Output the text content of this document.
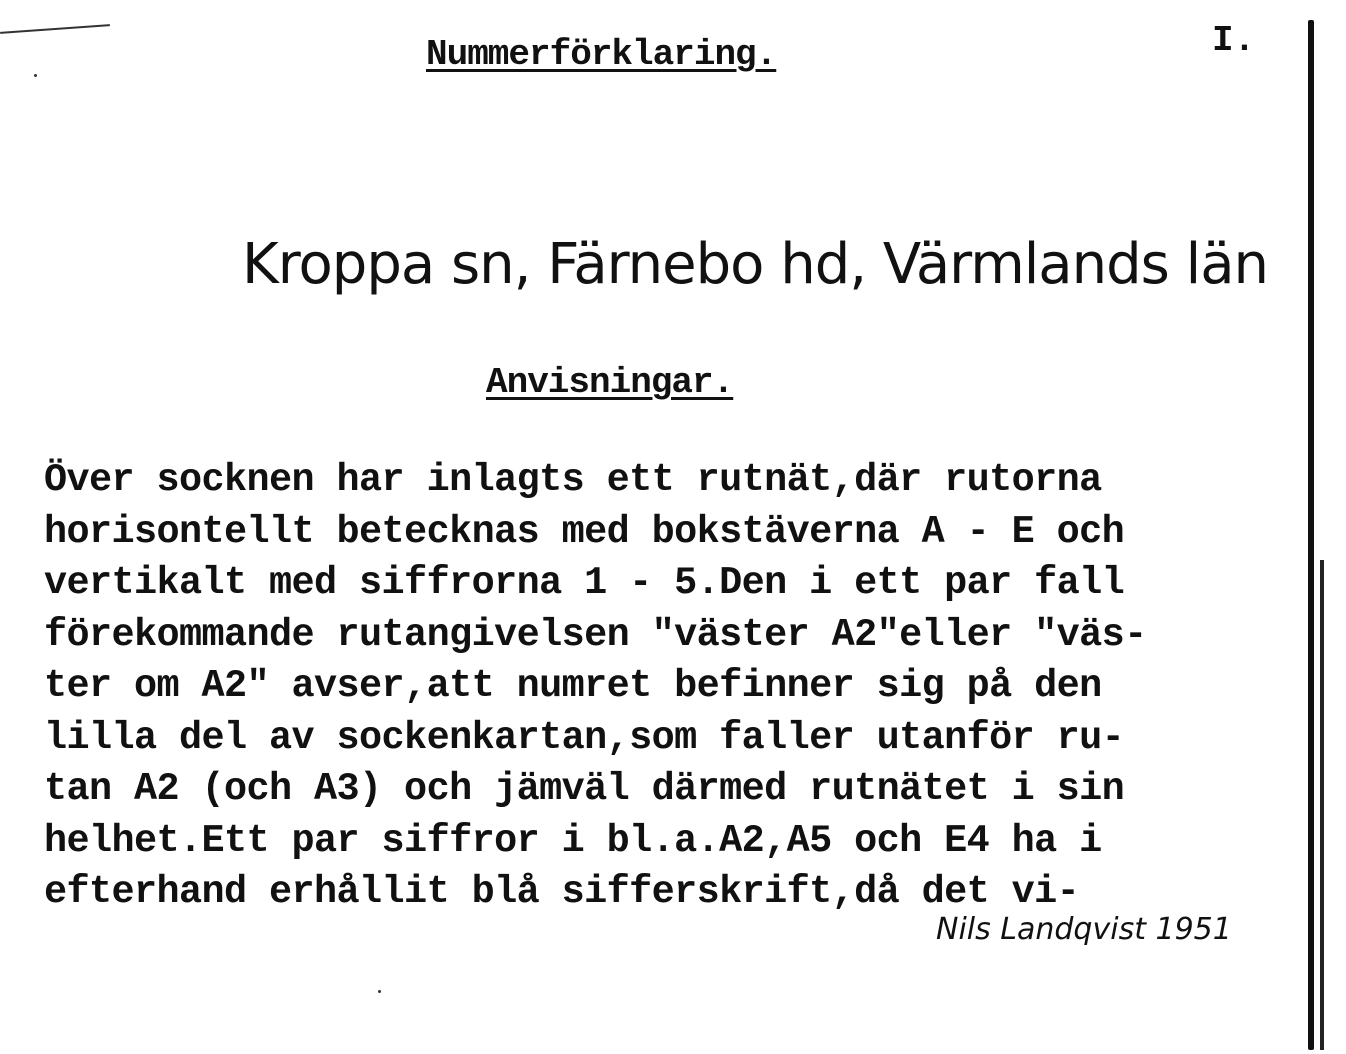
Nummerförklaring.	I.
Kroppa sn, Färnebo hd, Värmlands län
Anvisningar.
Över socknen har inlagts ett rutnät,där rutorna
horisontellt betecknas med bokstäverna A - E och
vertikalt med siffrorna 1 - 5.Den i ett par fall
förekommande rutangivelsen "väster A2"eller "väs-
ter om A2" avser,att numret befinner sig på den
lilla del av sockenkartan,som faller utanför ru-
tan A2 (och A3) och jämväl därmed rutnätet i sin
helhet.Ett par siffror i bl.a.A2,A5 och E4 ha i
efterhand erhållit blå sifferskrift,då det vi-
Nils Landqvist 1951
